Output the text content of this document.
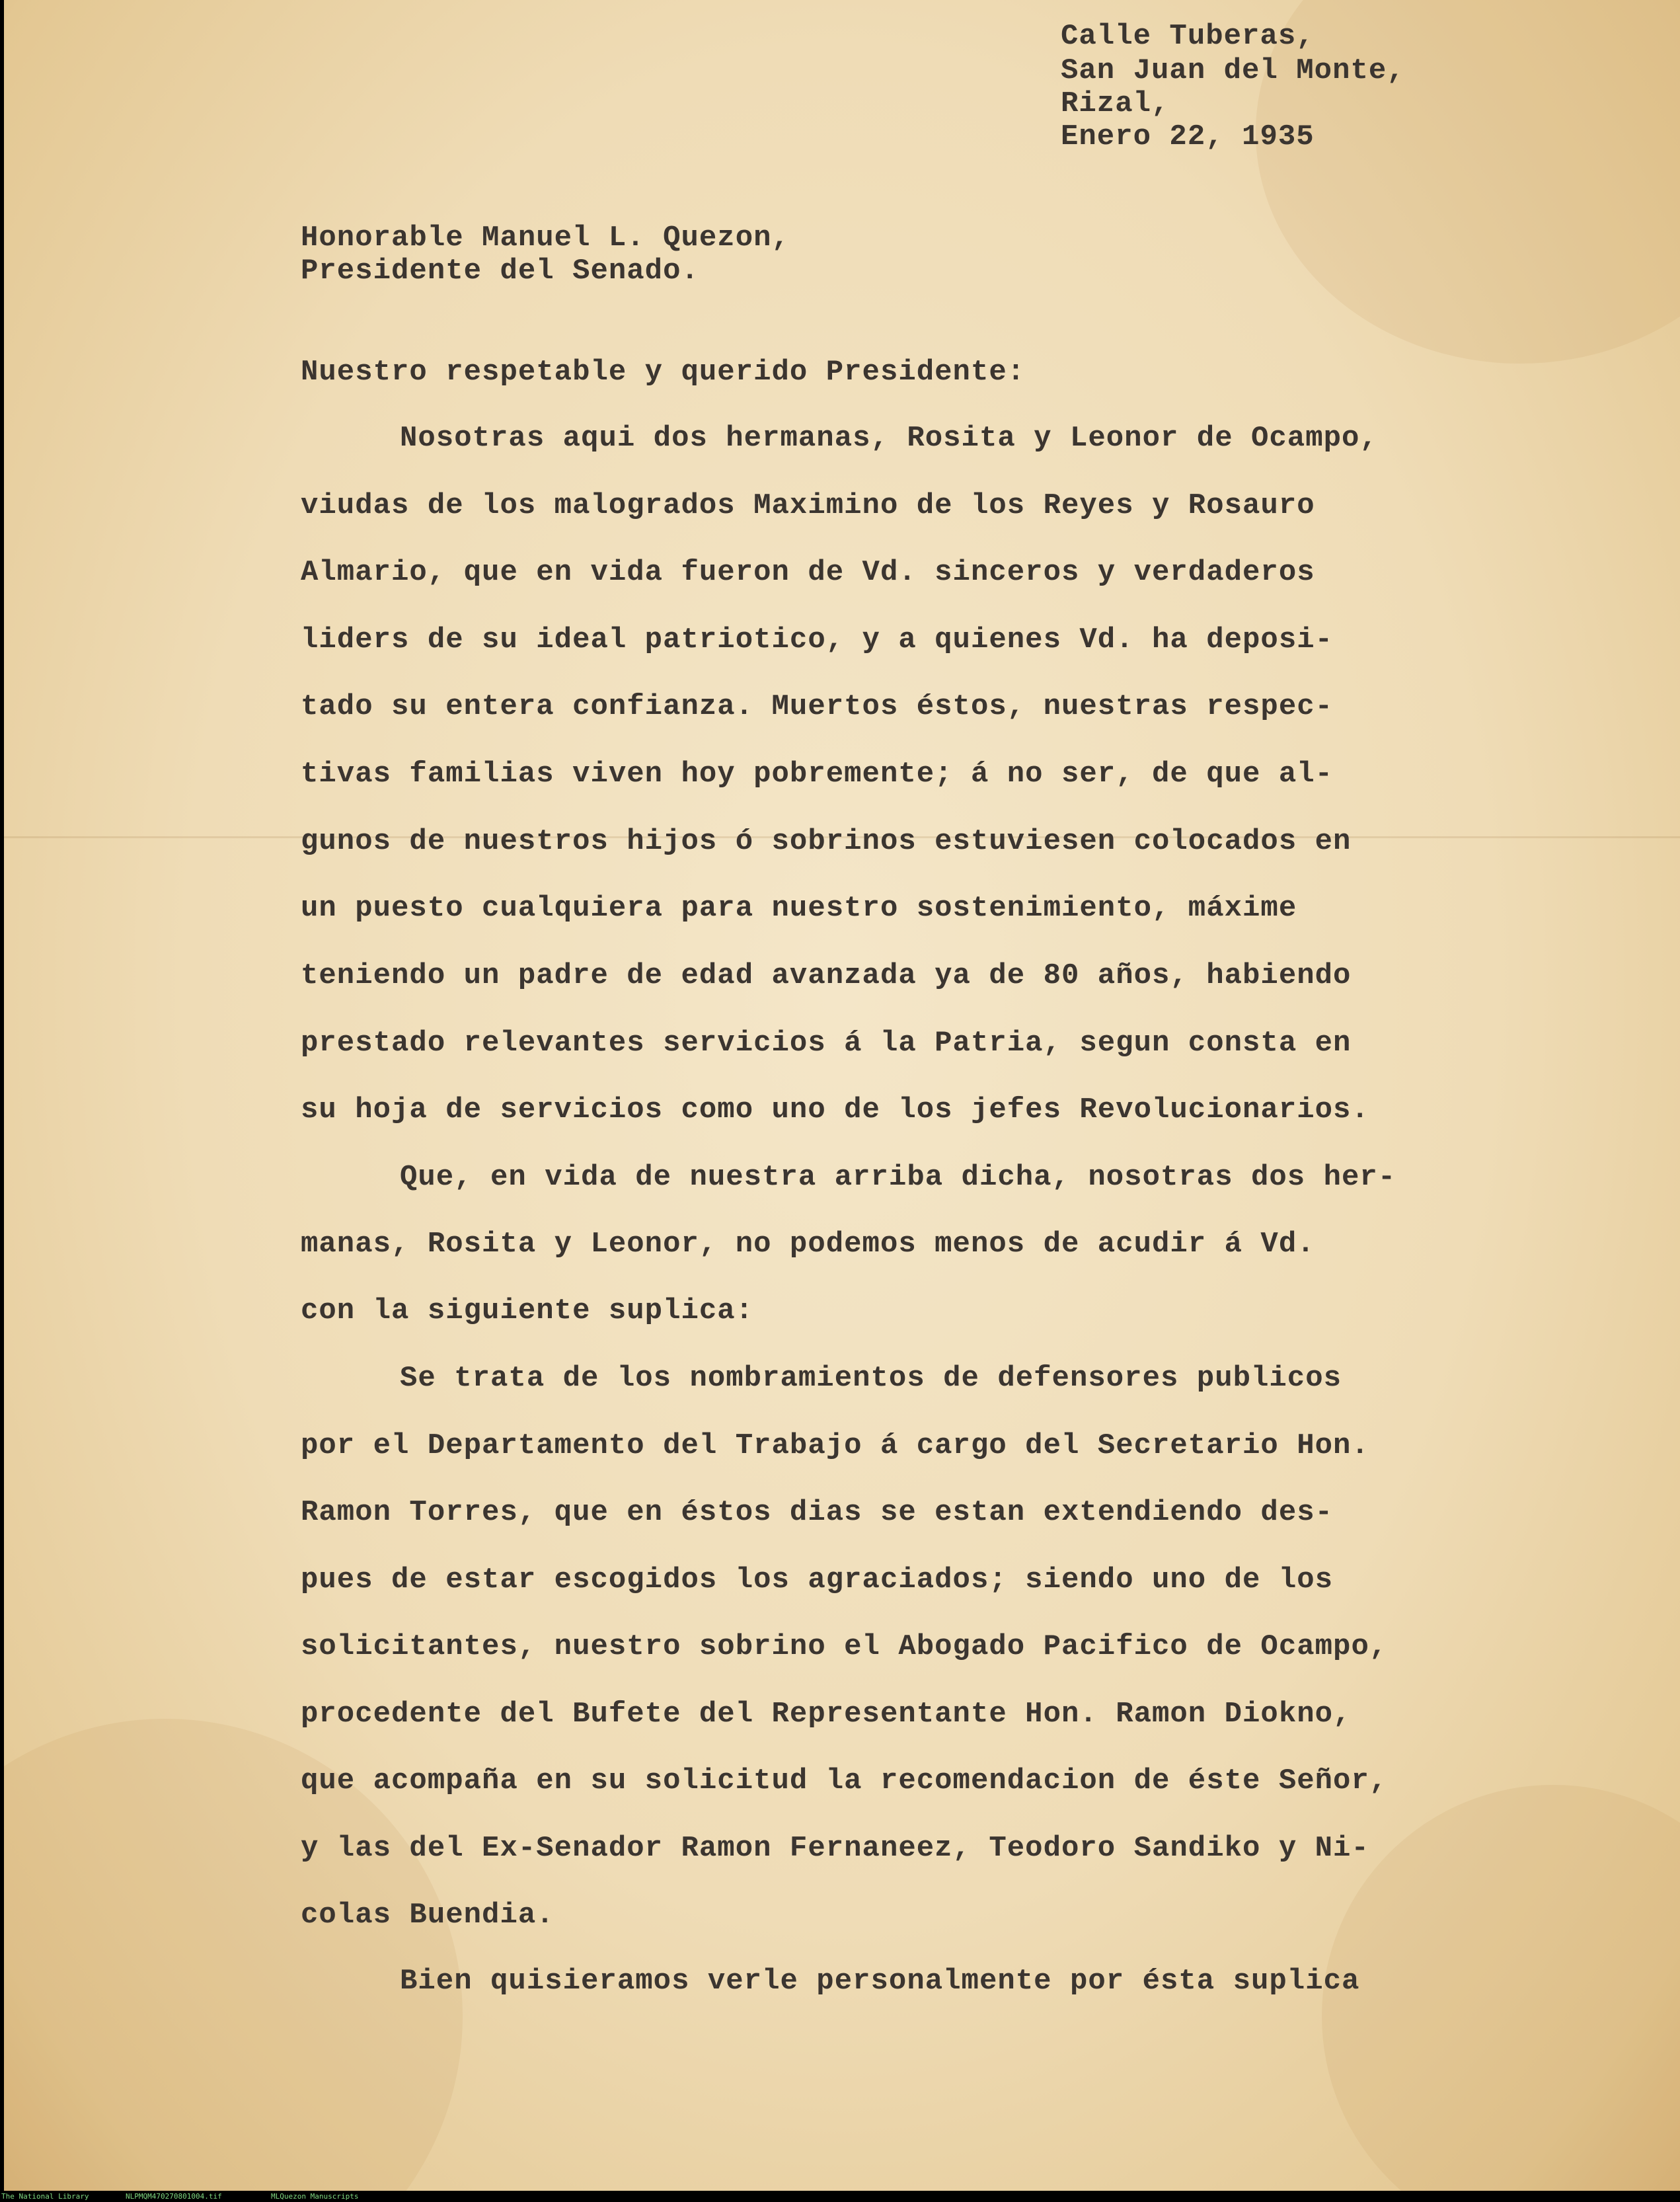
Calle Tuberas,

San Juan del Monte,

Rizal,

Enero 22, 1935

Honorable Manuel L. Quezon,

Presidente del Senado.

Nuestro respetable y querido Presidente:

Nosotras aqui dos hermanas, Rosita y Leonor de Ocampo,

viudas de los malogrados Maximino de los Reyes y Rosauro

Almario, que en vida fueron de Vd. sinceros y verdaderos

liders de su ideal patriotico, y a quienes Vd. ha deposi-

tado su entera confianza. Muertos éstos, nuestras respec-

tivas familias viven hoy pobremente; á no ser, de que al-

gunos de nuestros hijos ó sobrinos estuviesen colocados en

un puesto cualquiera para nuestro sostenimiento, máxime

teniendo un padre de edad avanzada ya de 80 años, habiendo

prestado relevantes servicios á la Patria, segun consta en

su hoja de servicios como uno de los jefes Revolucionarios.

Que, en vida de nuestra arriba dicha, nosotras dos her-

manas, Rosita y Leonor, no podemos menos de acudir á Vd.

con la siguiente suplica:

Se trata de los nombramientos de defensores publicos

por el Departamento del Trabajo á cargo del Secretario Hon.

Ramon Torres, que en éstos dias se estan extendiendo des-

pues de estar escogidos los agraciados; siendo uno de los

solicitantes, nuestro sobrino el Abogado Pacifico de Ocampo,

procedente del Bufete del Representante Hon. Ramon Diokno,

que acompaña en su solicitud la recomendacion de éste Señor,

y las del Ex-Senador Ramon Fernaneez, Teodoro Sandiko y Ni-

colas Buendia.

Bien quisieramos verle personalmente por ésta suplica

The National Library	NLPMQM470270801004.tif	MLQuezon Manuscripts
